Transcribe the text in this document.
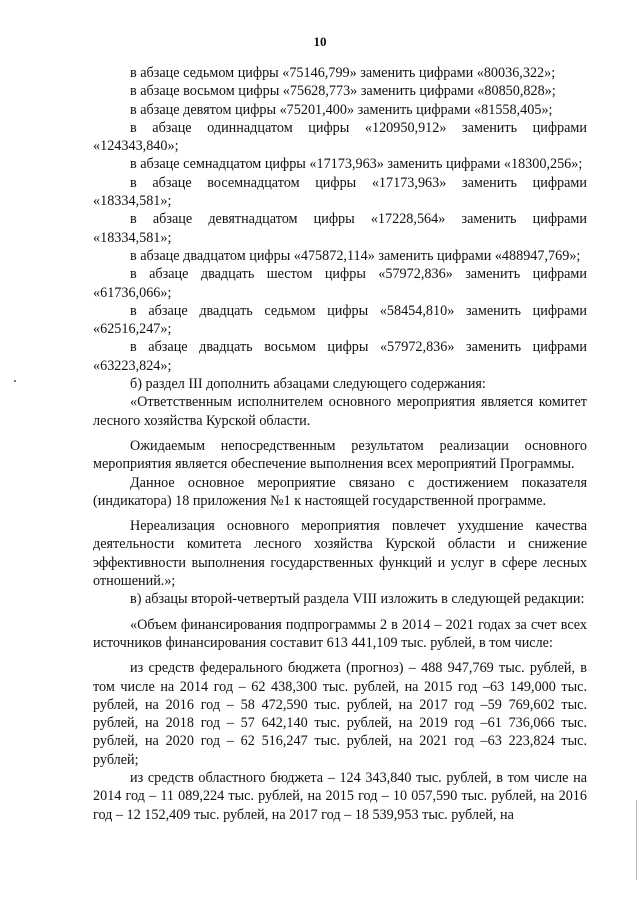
10

в абзаце седьмом цифры «75146,799» заменить цифрами «80036,322»;

в абзаце восьмом цифры «75628,773» заменить цифрами «80850,828»;

в абзаце девятом цифры «75201,400» заменить цифрами «81558,405»;

в абзаце одиннадцатом цифры «120950,912» заменить цифрами «124343,840»;

в абзаце семнадцатом цифры «17173,963» заменить цифрами «18300,256»;

в абзаце восемнадцатом цифры «17173,963» заменить цифрами «18334,581»;

в абзаце девятнадцатом цифры «17228,564» заменить цифрами «18334,581»;

в абзаце двадцатом цифры «475872,114» заменить цифрами «488947,769»;

в абзаце двадцать шестом цифры «57972,836» заменить цифрами «61736,066»;

в абзаце двадцать седьмом цифры «58454,810» заменить цифрами «62516,247»;

в абзаце двадцать восьмом цифры «57972,836» заменить цифрами «63223,824»;

б) раздел III дополнить абзацами следующего содержания:

«Ответственным исполнителем основного мероприятия является комитет лесного хозяйства Курской области.

Ожидаемым непосредственным результатом реализации основного мероприятия является обеспечение выполнения всех мероприятий Программы.

Данное основное мероприятие связано с достижением показателя (индикатора) 18 приложения №1 к настоящей государственной программе.

Нереализация основного мероприятия повлечет ухудшение качества деятельности комитета лесного хозяйства Курской области и снижение эффективности выполнения государственных функций и услуг в сфере лесных отношений.»;

в) абзацы второй-четвертый раздела VIII изложить в следующей редакции:

«Объем финансирования подпрограммы 2 в 2014 – 2021 годах за счет всех источников финансирования составит 613 441,109 тыс. рублей, в том числе:

из средств федерального бюджета (прогноз) – 488 947,769 тыс. рублей, в том числе на 2014 год – 62 438,300 тыс. рублей, на 2015 год –63 149,000 тыс. рублей, на 2016 год – 58 472,590 тыс. рублей, на 2017 год –59 769,602 тыс. рублей, на 2018 год – 57 642,140 тыс. рублей, на 2019 год –61 736,066 тыс. рублей, на 2020 год – 62 516,247 тыс. рублей, на 2021 год –63 223,824 тыс. рублей;

из средств областного бюджета – 124 343,840 тыс. рублей, в том числе на 2014 год – 11 089,224 тыс. рублей, на 2015 год – 10 057,590 тыс. рублей, на 2016 год – 12 152,409 тыс. рублей, на 2017 год – 18 539,953 тыс. рублей, на
